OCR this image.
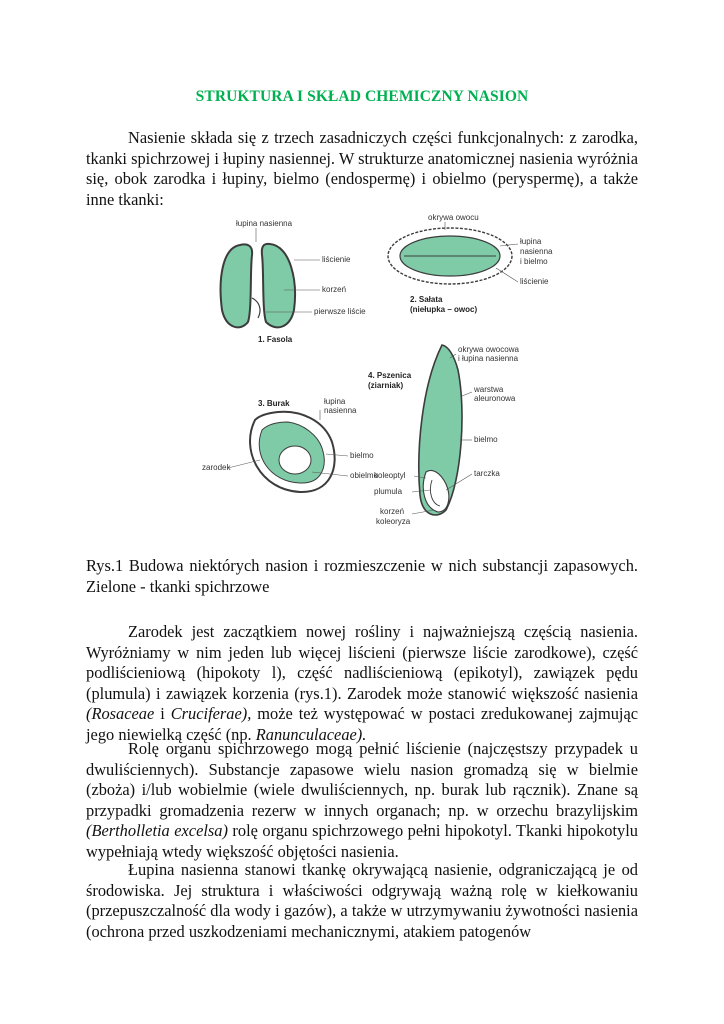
STRUKTURA I SKŁAD CHEMICZNY NASION

Nasienie składa się z trzech zasadniczych części funkcjonalnych: z zarodka, tkanki spichrzowej i łupiny nasiennej. W strukturze anatomicznej nasienia wyróżnia się, obok zarodka i łupiny, bielmo (endospermę) i obielmo (peryspermę), a także inne tkanki:

łupina nasienna
liścienie
korzeń
pierwsze liście
1. Fasola
okrywa owocu
łupina
nasienna
i bielmo
liścienie
2. Sałata
(niełupka – owoc)
łupina
nasienna
zarodek
bielmo
obielmo
3. Burak
okrywa owocowa
i łupina nasienna
warstwa
aleuronowa
bielmo
koleoptyl
plumula
tarczka
korzeń
koleoryza
4. Pszenica
(ziarniak)

Rys.1 Budowa niektórych nasion i rozmieszczenie w nich substancji zapasowych. Zielone - tkanki spichrzowe

Zarodek jest zaczątkiem nowej rośliny i najważniejszą częścią nasienia. Wyróżniamy w nim jeden lub więcej liścieni (pierwsze liście zarodkowe), część podliścieniową (hipokoty l), część nadliścieniową (epikotyl), zawiązek pędu (plumula) i zawiązek korzenia (rys.1). Zarodek może stanowić większość nasienia (Rosaceae i Cruciferae), może też występować w postaci zredukowanej zajmując jego niewielką część (np. Ranunculaceae).

Rolę organu spichrzowego mogą pełnić liścienie (najczęstszy przypadek u dwuliściennych). Substancje zapasowe wielu nasion gromadzą się w bielmie (zboża) i/lub wobielmie (wiele dwuliściennych, np. burak lub rącznik). Znane są przypadki gromadzenia rezerw w innych organach; np. w orzechu brazylijskim (Bertholletia excelsa) rolę organu spichrzowego pełni hipokotyl. Tkanki hipokotylu wypełniają wtedy większość objętości nasienia.

Łupina nasienna stanowi tkankę okrywającą nasienie, odgraniczającą je od środowiska. Jej struktura i właściwości odgrywają ważną rolę w kiełkowaniu (przepuszczalność dla wody i gazów), a także w utrzymywaniu żywotności nasienia (ochrona przed uszkodzeniami mechanicznymi, atakiem patogenów
